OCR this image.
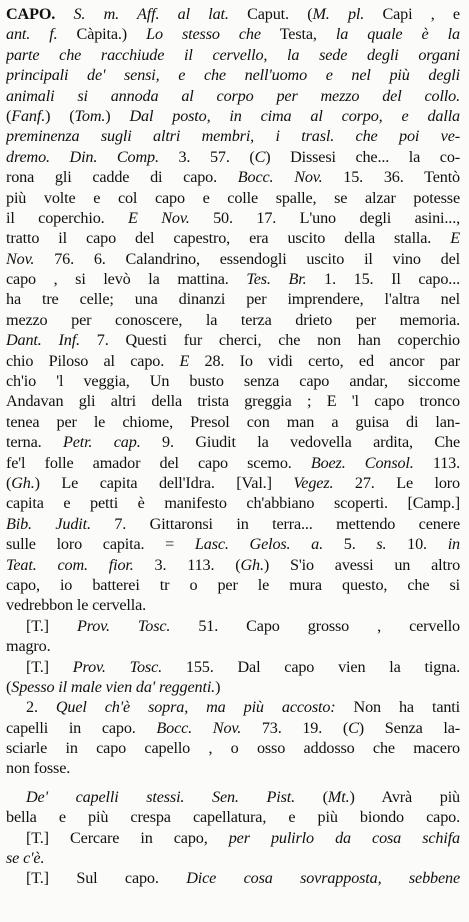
CAPO. S. m. Aff. al lat. Caput. (M. pl. Capi , e
ant. f. Càpita.) Lo stesso che Testa, la quale è la
parte che racchiude il cervello, la sede degli organi
principali de' sensi, e che nell'uomo e nel più degli
animali si annoda al corpo per mezzo del collo.
(Fanf.) (Tom.) Dal posto, in cima al corpo, e dalla
preminenza sugli altri membri, i trasl. che poi ve-
dremo. Din. Comp. 3. 57. (C) Dissesi che... la co-
rona gli cadde di capo. Bocc. Nov. 15. 36. Tentò
più volte e col capo e colle spalle, se alzar potesse
il coperchio. E Nov. 50. 17. L'uno degli asini...,
tratto il capo del capestro, era uscito della stalla. E
Nov. 76. 6. Calandrino, essendogli uscito il vino del
capo , si levò la mattina. Tes. Br. 1. 15. Il capo...
ha tre celle; una dinanzi per imprendere, l'altra nel
mezzo per conoscere, la terza drieto per memoria.
Dant. Inf. 7. Questi fur cherci, che non han coperchio
chio Piloso al capo. E 28. Io vidi certo, ed ancor par
ch'io 'l veggia, Un busto senza capo andar, siccome
Andavan gli altri della trista greggia ; E 'l capo tronco
tenea per le chiome, Presol con man a guisa di lan-
terna. Petr. cap. 9. Giudit la vedovella ardita, Che
fe'l folle amador del capo scemo. Boez. Consol. 113.
(Gh.) Le capita dell'Idra. [Val.] Vegez. 27. Le loro
capita e petti è manifesto ch'abbiano scoperti. [Camp.]
Bib. Judit. 7. Gittaronsi in terra... mettendo cenere
sulle loro capita. = Lasc. Gelos. a. 5. s. 10. in
Teat. com. fior. 3. 113. (Gh.) S'io avessi un altro
capo, io batterei tr o per le mura questo, che si
vedrebbon le cervella.
[T.] Prov. Tosc. 51. Capo grosso , cervello
magro.
[T.] Prov. Tosc. 155. Dal capo vien la tigna.
(Spesso il male vien da' reggenti.)
2. Quel ch'è sopra, ma più accosto: Non ha tanti
capelli in capo. Bocc. Nov. 73. 19. (C) Senza la-
sciarle in capo capello , o osso addosso che macero
non fosse.
De' capelli stessi. Sen. Pist. (Mt.) Avrà più
bella e più crespa capellatura, e più biondo capo.
[T.] Cercare in capo, per pulirlo da cosa schifa
se c'è.
[T.] Sul capo. Dice cosa sovrapposta, sebbene
